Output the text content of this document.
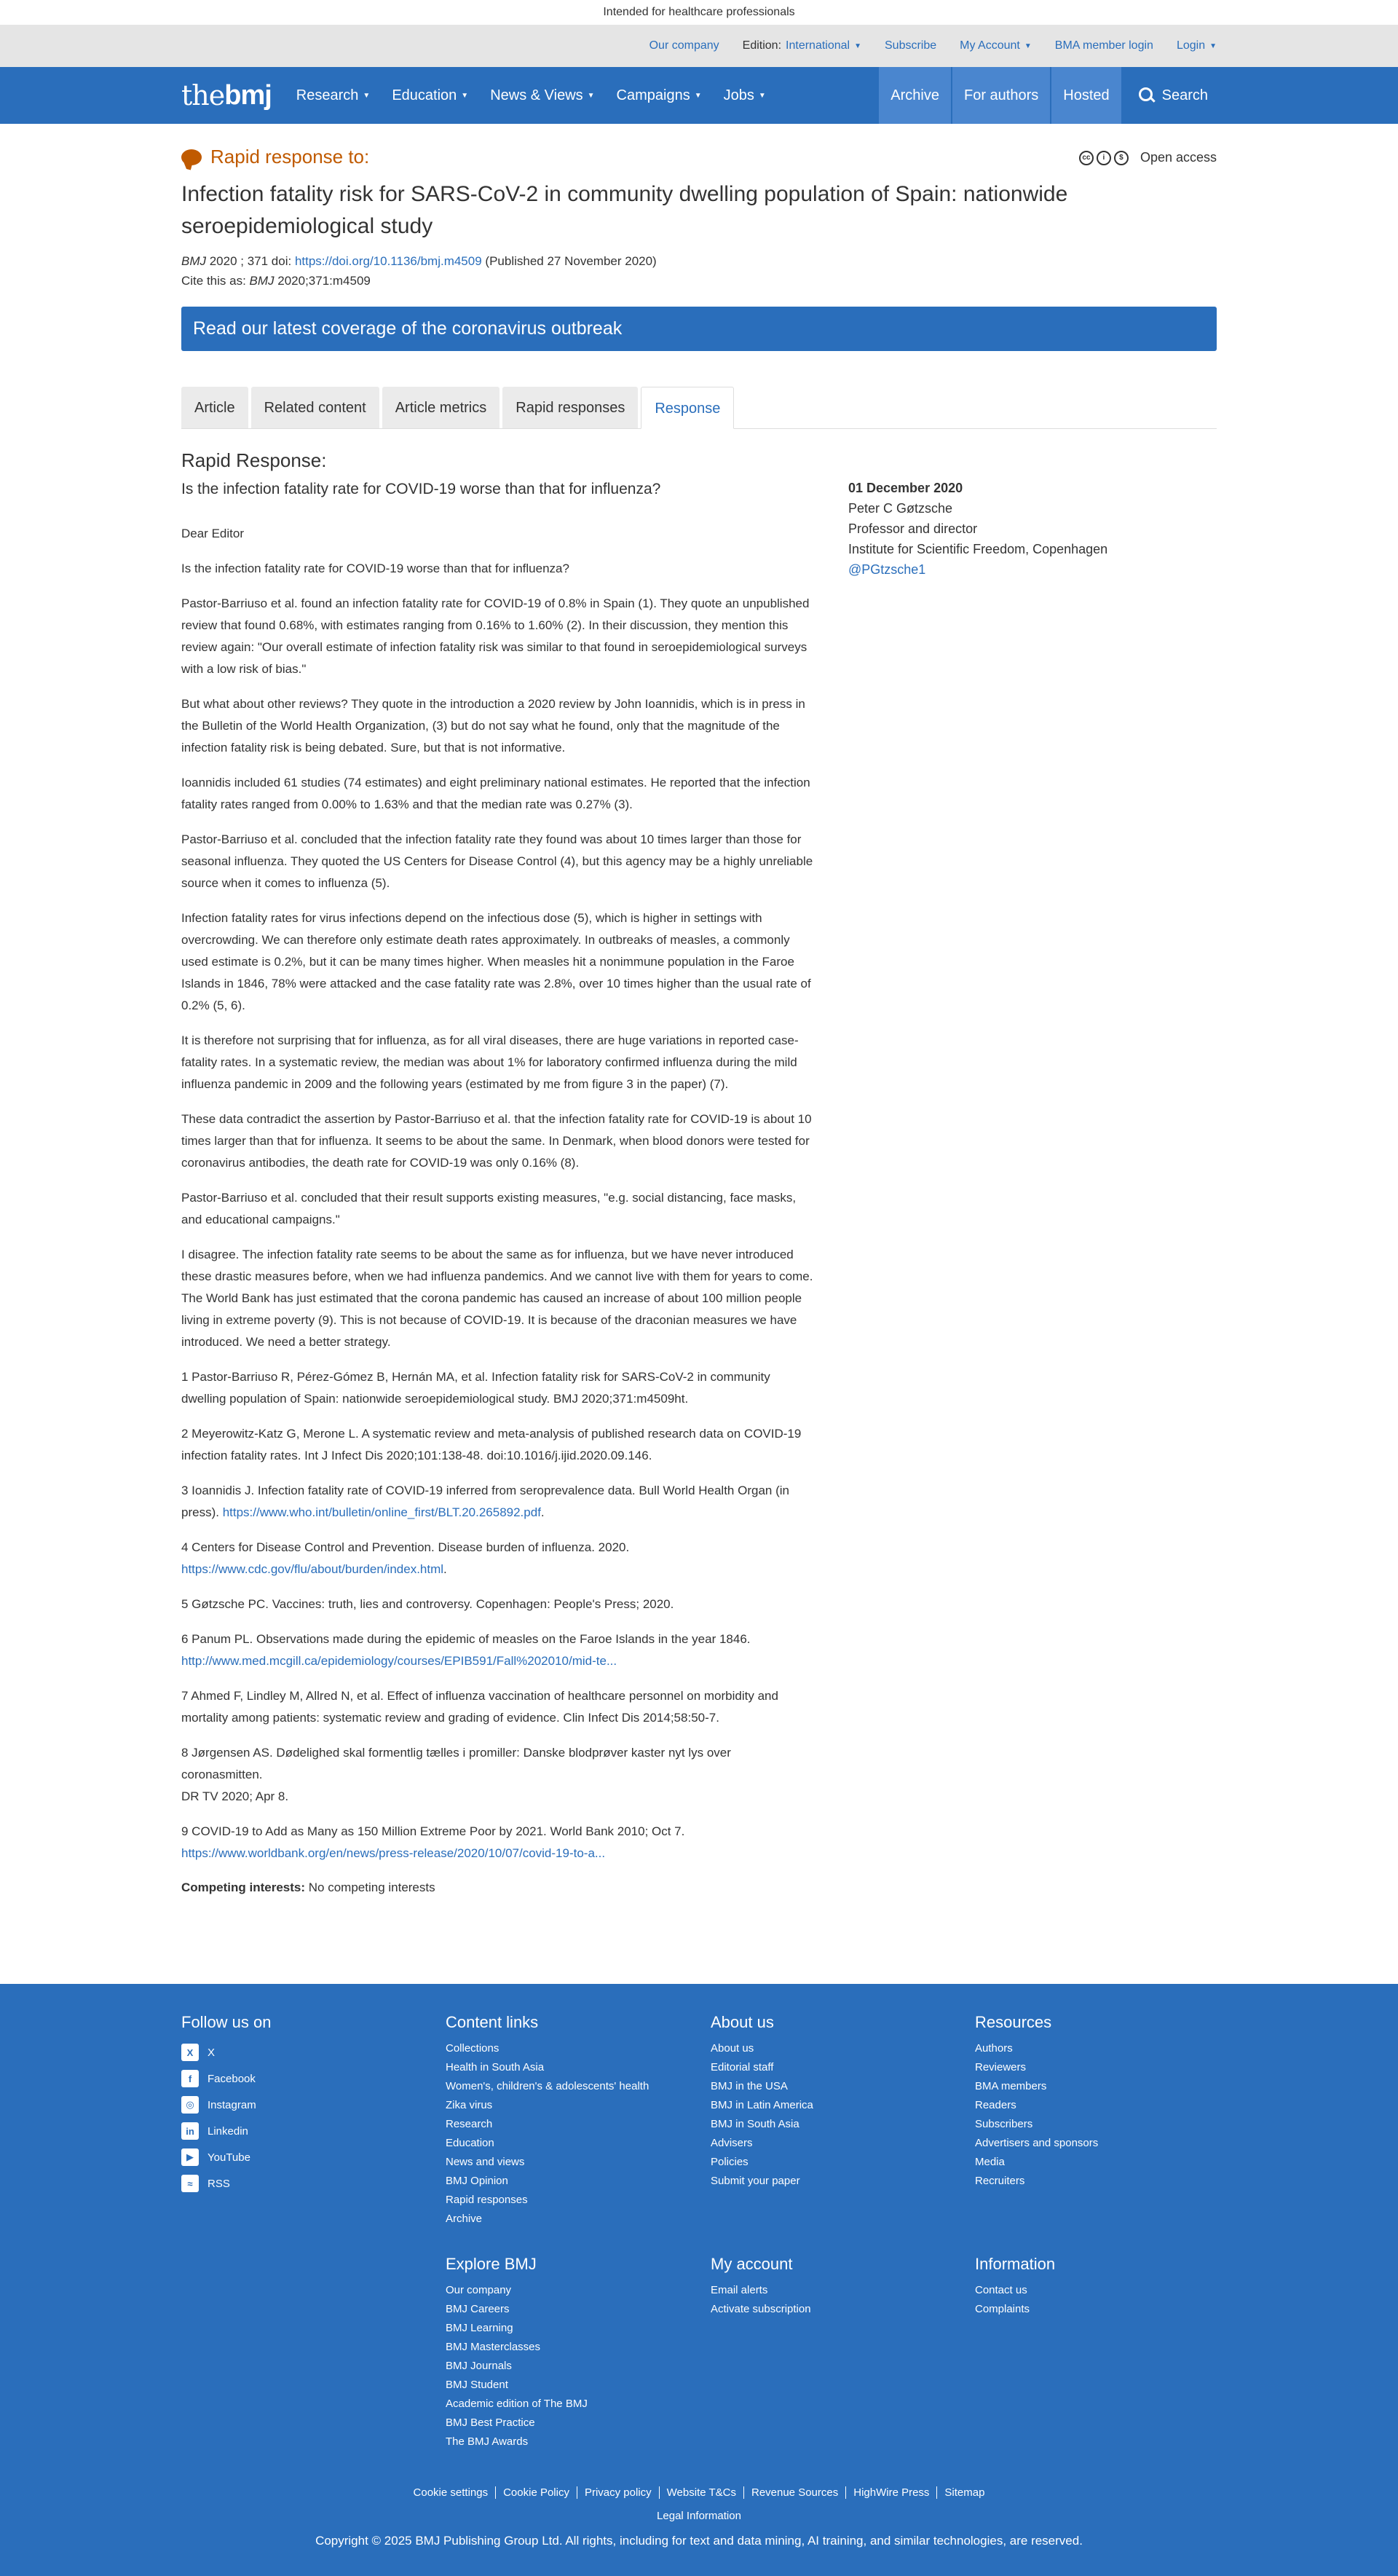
Intended for healthcare professionals
Our company Edition: International ▼ Subscribe My Account ▼ BMA member login Login ▼
the bmj Research ▼ Education ▼ News & Views ▼ Campaigns ▼ Jobs ▼	Archive	For authors	Hosted	Search
Rapid response to:	cc	i	$	Open access
Infection fatality risk for SARS-CoV-2 in community dwelling population of Spain: nationwide seroepidemiological study
BMJ 2020 ; 371 doi: https://doi.org/10.1136/bmj.m4509 (Published 27 November 2020)
Cite this as: BMJ 2020;371:m4509
Read our latest coverage of the coronavirus outbreak
Article	Related content	Article metrics	Rapid responses	Response
Rapid Response:
Is the infection fatality rate for COVID-19 worse than that for influenza?

Dear Editor

Is the infection fatality rate for COVID-19 worse than that for influenza?

Pastor-Barriuso et al. found an infection fatality rate for COVID-19 of 0.8% in Spain (1). They quote an unpublished review that found 0.68%, with estimates ranging from 0.16% to 1.60% (2). In their discussion, they mention this review again: "Our overall estimate of infection fatality risk was similar to that found in seroepidemiological surveys with a low risk of bias."

But what about other reviews? They quote in the introduction a 2020 review by John Ioannidis, which is in press in the Bulletin of the World Health Organization, (3) but do not say what he found, only that the magnitude of the infection fatality risk is being debated. Sure, but that is not informative.

Ioannidis included 61 studies (74 estimates) and eight preliminary national estimates. He reported that the infection fatality rates ranged from 0.00% to 1.63% and that the median rate was 0.27% (3).

Pastor-Barriuso et al. concluded that the infection fatality rate they found was about 10 times larger than those for seasonal influenza. They quoted the US Centers for Disease Control (4), but this agency may be a highly unreliable source when it comes to influenza (5).

Infection fatality rates for virus infections depend on the infectious dose (5), which is higher in settings with overcrowding. We can therefore only estimate death rates approximately. In outbreaks of measles, a commonly used estimate is 0.2%, but it can be many times higher. When measles hit a nonimmune population in the Faroe Islands in 1846, 78% were attacked and the case fatality rate was 2.8%, over 10 times higher than the usual rate of 0.2% (5, 6).

It is therefore not surprising that for influenza, as for all viral diseases, there are huge variations in reported case-fatality rates. In a systematic review, the median was about 1% for laboratory confirmed influenza during the mild influenza pandemic in 2009 and the following years (estimated by me from figure 3 in the paper) (7).

These data contradict the assertion by Pastor-Barriuso et al. that the infection fatality rate for COVID-19 is about 10 times larger than that for influenza. It seems to be about the same. In Denmark, when blood donors were tested for coronavirus antibodies, the death rate for COVID-19 was only 0.16% (8).

Pastor-Barriuso et al. concluded that their result supports existing measures, "e.g. social distancing, face masks, and educational campaigns."

I disagree. The infection fatality rate seems to be about the same as for influenza, but we have never introduced these drastic measures before, when we had influenza pandemics. And we cannot live with them for years to come. The World Bank has just estimated that the corona pandemic has caused an increase of about 100 million people living in extreme poverty (9). This is not because of COVID-19. It is because of the draconian measures we have introduced. We need a better strategy.

1 Pastor-Barriuso R, Pérez-Gómez B, Hernán MA, et al. Infection fatality risk for SARS-CoV-2 in community dwelling population of Spain: nationwide seroepidemiological study. BMJ 2020;371:m4509ht.
2 Meyerowitz-Katz G, Merone L. A systematic review and meta-analysis of published research data on COVID-19 infection fatality rates. Int J Infect Dis 2020;101:138-48. doi:10.1016/j.ijid.2020.09.146.
3 Ioannidis J. Infection fatality rate of COVID-19 inferred from seroprevalence data. Bull World Health Organ (in press). https://www.who.int/bulletin/online_first/BLT.20.265892.pdf.
4 Centers for Disease Control and Prevention. Disease burden of influenza. 2020. https://www.cdc.gov/flu/about/burden/index.html.
5 Gøtzsche PC. Vaccines: truth, lies and controversy. Copenhagen: People's Press; 2020.
6 Panum PL. Observations made during the epidemic of measles on the Faroe Islands in the year 1846. http://www.med.mcgill.ca/epidemiology/courses/EPIB591/Fall%202010/mid-te...
7 Ahmed F, Lindley M, Allred N, et al. Effect of influenza vaccination of healthcare personnel on morbidity and
mortality among patients: systematic review and grading of evidence. Clin Infect Dis 2014;58:50-7.
8 Jørgensen AS. Dødelighed skal formentlig tælles i promiller: Danske blodprøver kaster nyt lys over coronasmitten.
DR TV 2020; Apr 8.
9 COVID-19 to Add as Many as 150 Million Extreme Poor by 2021. World Bank 2010; Oct 7. https://www.worldbank.org/en/news/press-release/2020/10/07/covid-19-to-a...
Competing interests: No competing interests
01 December 2020
Peter C Gøtzsche
Professor and director
Institute for Scientific Freedom, Copenhagen
@PGtzsche1
Follow us on
X	X
f	Facebook
◎	Instagram
in	Linkedin
▶	YouTube
≈	RSS
Content links
Collections
Health in South Asia
Women's, children's & adolescents' health
Zika virus
Research
Education
News and views
BMJ Opinion
Rapid responses
Archive
About us
About us
Editorial staff
BMJ in the USA
BMJ in Latin America
BMJ in South Asia
Advisers
Policies
Submit your paper
Resources
Authors
Reviewers
BMA members
Readers
Subscribers
Advertisers and sponsors
Media
Recruiters
Explore BMJ
Our company
BMJ Careers
BMJ Learning
BMJ Masterclasses
BMJ Journals
BMJ Student
Academic edition of The BMJ
BMJ Best Practice
The BMJ Awards
My account
Email alerts
Activate subscription
Information
Contact us
Complaints
Cookie settings Cookie Policy Privacy policy Website T&Cs Revenue Sources HighWire Press Sitemap
Legal Information
Copyright © 2025 BMJ Publishing Group Ltd. All rights, including for text and data mining, AI training, and similar technologies, are reserved.
